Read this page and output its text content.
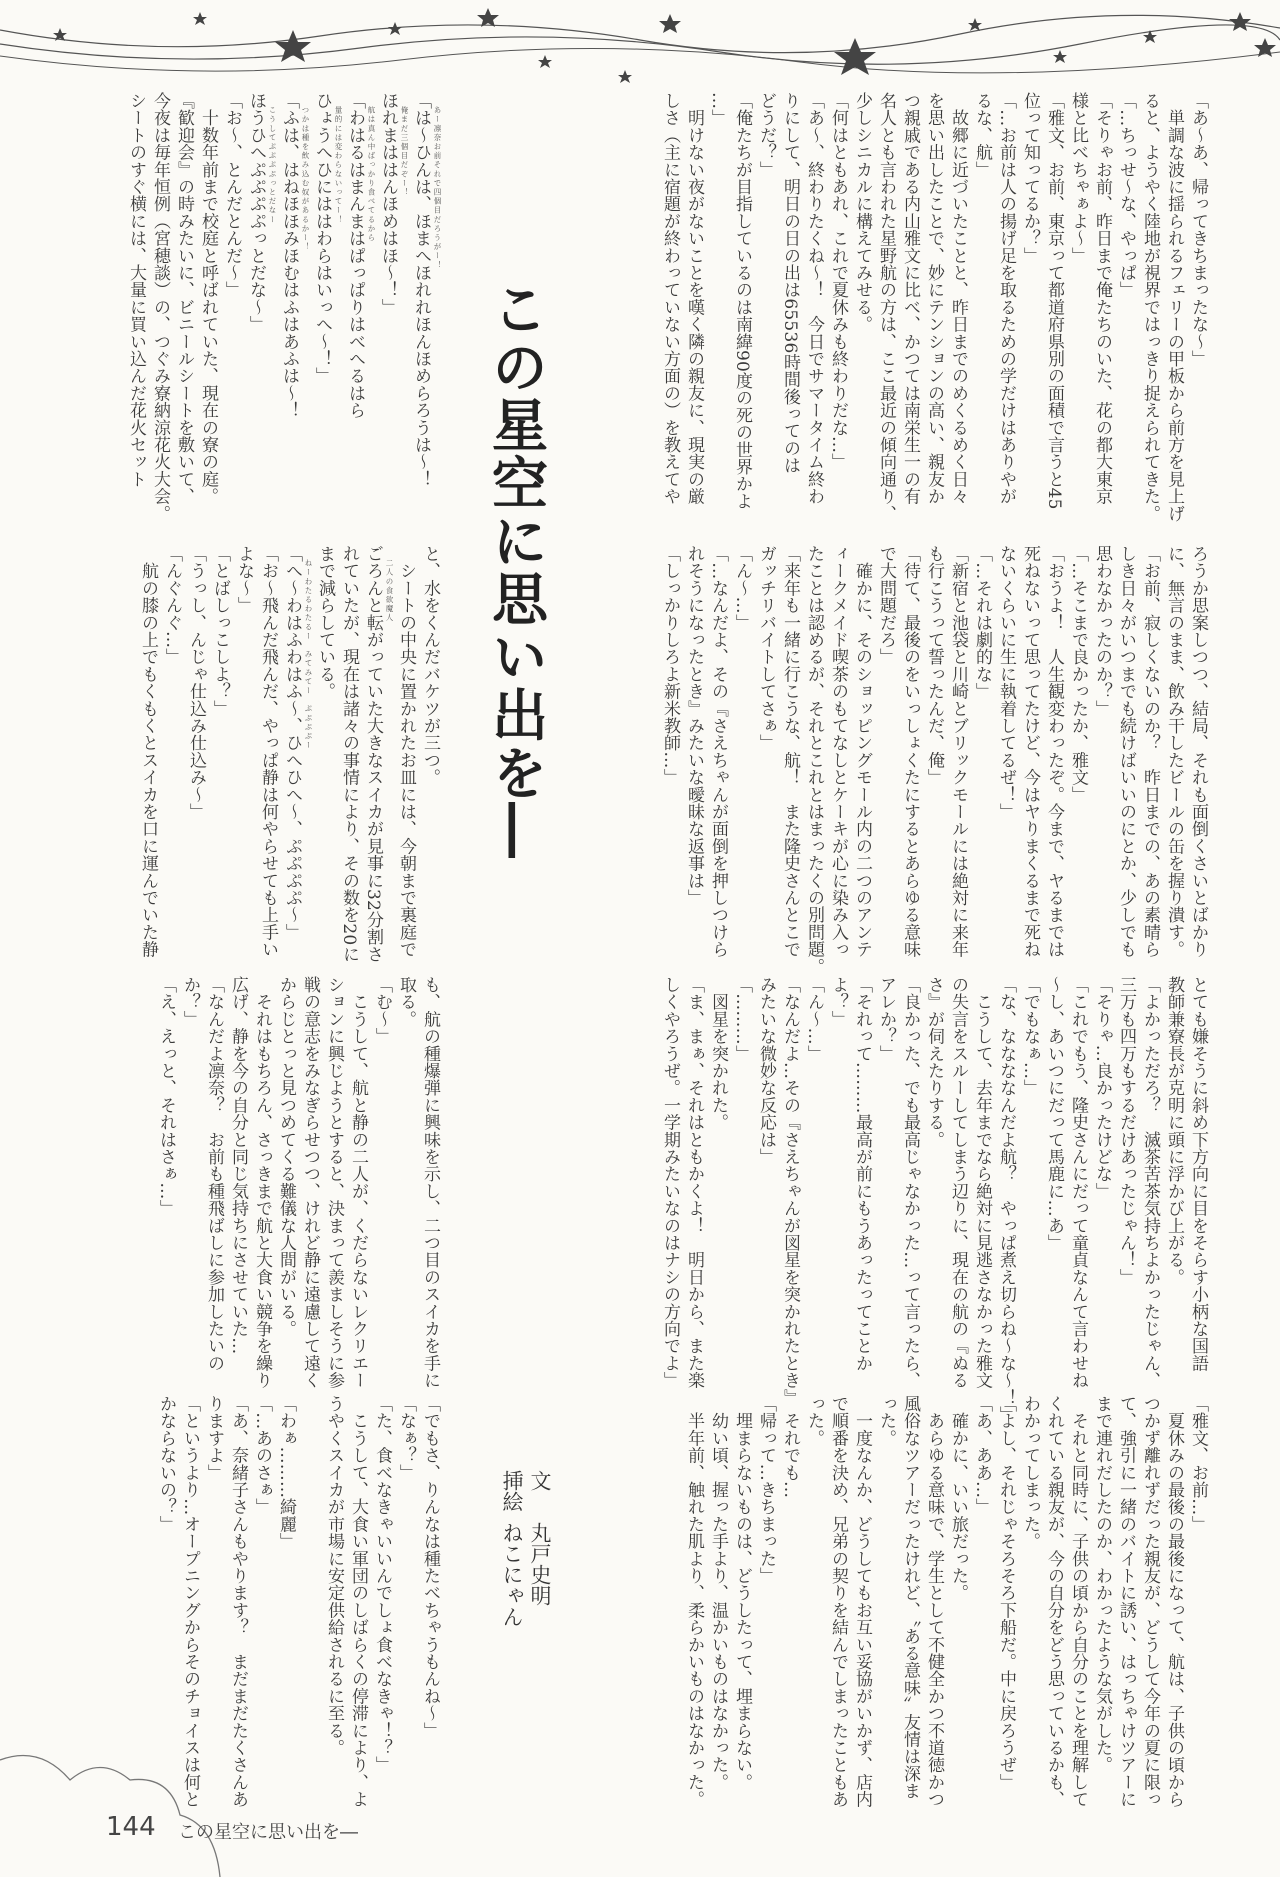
「あ～あ、帰ってきちまったな～」
　単調な波に揺られるフェリーの甲板から前方を見上げ
ると、ようやく陸地が視界ではっきり捉えられてきた。
「…ちっせ～な、やっぱ」
「そりゃお前、昨日まで俺たちのいた、花の都大東京
様と比べちゃぁよ～」
「雅文、お前、東京って都道府県別の面積で言うと45
位って知ってるか？」
「…お前は人の揚げ足を取るための学だけはありやが
るな、航」
　故郷に近づいたことと、昨日までのめくるめく日々
を思い出したことで、妙にテンションの高い、親友か
つ親戚である内山雅文に比べ、かつては南栄生一の有
名人とも言われた星野航の方は、ここ最近の傾向通り、
少しシニカルに構えてみせる。
「何はともあれ、これで夏休みも終わりだな…」
「あ～、終わりたくね～！　今日でサマータイム終わ
りにして、明日の日の出は65536時間後ってのは
どうだ？」
「俺たちが目指しているのは南緯90度の死の世界かよ
…」
　明けない夜がないことを嘆く隣の親友に、現実の厳
しさ（主に宿題が終わっていない方面の）を教えてや
あー凛奈お前それで四個目だろうがー！
「は～ひんは、ほまへほれれほんほめらろうは～！
俺まだ三個目だぞー！
ほれまははんほめはほ～！」
航は真ん中ばっかり食べてるから
「わはるはまんまはぱっぱりはべへるはら
量的には変わらないってー！
ひょうへひにははわらはいっへ～！」
つかは種を飲み込む奴があるかー！
「ふは、はねほほみほむはふはあふは～！
こうしてぷぷぷぷっとだなー
ほうひへぷぷぷぷっとだな～」
「お～、とんだとんだ～」
　十数年前まで校庭と呼ばれていた、現在の寮の庭。
『歓迎会』の時みたいに、ビニールシートを敷いて、
今夜は毎年恒例（宮穂談）の、つぐみ寮納涼花火大会。
シートのすぐ横には、大量に買い込んだ花火セット
ろうか思案しつつ、結局、それも面倒くさいとばかり
に、無言のまま、飲み干したビールの缶を握り潰す。
「お前、寂しくないのか？　昨日までの、あの素晴ら
しき日々がいつまでも続けばいいのにとか、少しでも
思わなかったのか？」
「…そこまで良かったか、雅文」
「おうよ！　人生観変わったぞ。今まで、ヤるまでは
死ねないって思ってたけど、今はヤりまくるまで死ね
ないくらいに生に執着してるぜ！」
「…それは劇的な」
「新宿と池袋と川崎とブリックモールには絶対に来年
も行こうって誓ったんだ、俺」
「待て、最後のをいっしょくたにするとあらゆる意味
で大問題だろ」
　確かに、そのショッピングモール内の二つのアンテ
ィークメイド喫茶のもてなしとケーキが心に染み入っ
たことは認めるが、それとこれとはまったくの別問題。
「来年も一緒に行こうな、航！　また隆史さんとこで
ガッチリバイトしてさぁ」
「ん～…」
「…なんだよ、その『さえちゃんが面倒を押しつけら
れそうになったとき』みたいな曖昧な返事は」
「しっかりしろよ新米教師…」
と、水をくんだバケツが三つ。
　シートの中央に置かれたお皿には、今朝まで裏庭で
二人の食欲魔人
ごろんと転がっていた大きなスイカが見事に32分割さ
れていたが、現在は諸々の事情により、その数を20に
まで減らしている。
ねーわたるわたるー　みてみてー　ぷぷぷぷー
「へ～わはふわはふ～、ひへひへ～、ぷぷぷぷ～」
「お～飛んだ飛んだ、やっぱ静は何やらせても上手い
よな～」
「とばしっこしよ？」
「うっし、んじゃ仕込み仕込み～」
「んぐんぐ…」
　航の膝の上でもくもくとスイカを口に運んでいた静
とても嫌そうに斜め下方向に目をそらす小柄な国語
教師兼寮長が克明に頭に浮かび上がる。
「よかっただろ？　滅茶苦茶気持ちよかったじゃん、
三万も四万もするだけあったじゃん！」
「そりゃ…良かったけどな」
「これでもう、隆史さんにだって童貞なんて言わせね
～し、あいつにだって馬鹿に…あ」
「でもなぁ…」
「な、ななななんだよ航？　やっぱ煮え切らね～な～！」
　こうして、去年までなら絶対に見逃さなかった雅文
の失言をスルーしてしまう辺りに、現在の航の『ぬる
さ』が伺えたりする。
「良かった、でも最高じゃなかった…って言ったら、
アレか？」
「それって………最高が前にもうあったってことか
よ？」
「ん～…」
「なんだよ…その『さえちゃんが図星を突かれたとき』
みたいな微妙な反応は」
「………」
　図星を突かれた。
「ま、まぁ、それはともかくよ！　明日から、また楽
しくやろうぜ。一学期みたいなのはナシの方向でよ」
も、航の種爆弾に興味を示し、二つ目のスイカを手に
取る。
「む～」
　こうして、航と静の二人が、くだらないレクリエー
ションに興じようとすると、決まって羨ましそうに参
戦の意志をみなぎらせつつ、けれど静に遠慮して遠く
からじとっと見つめてくる難儀な人間がいる。
　それはもちろん、さっきまで航と大食い競争を繰り
広げ、静を今の自分と同じ気持ちにさせていた…
「なんだよ凛奈？　お前も種飛ばしに参加したいの
か？」
「え、えっと、それはさぁ…」
「雅文、お前…」
　夏休みの最後の最後になって、航は、子供の頃から
つかず離れずだった親友が、どうして今年の夏に限っ
て、強引に一緒のバイトに誘い、はっちゃけツアーに
まで連れだしたのか、わかったような気がした。
　それと同時に、子供の頃から自分のことを理解して
くれている親友が、今の自分をどう思っているかも、
わかってしまった。
「よし、それじゃそろそろ下船だ。中に戻ろうぜ」
「あ、ああ…」
　確かに、いい旅だった。
　あらゆる意味で、学生として不健全かつ不道徳かつ
風俗なツアーだったけれど、〝ある意味〟友情は深ま
った。
　一度なんか、どうしてもお互い妥協がいかず、店内
で順番を決め、兄弟の契りを結んでしまったこともあ
った。
　それでも…
「帰って…きちまった」
　埋まらないものは、どうしたって、埋まらない。
　幼い頃、握った手より、温かいものはなかった。
　半年前、触れた肌より、柔らかいものはなかった。
「でもさ、りんなは種たべちゃうもんね～」
「なぁ？」
「た、食べなきゃいいんでしょ食べなきゃ！？」
　こうして、大食い軍団のしばらくの停滞により、よ
うやくスイカが市場に安定供給されるに至る。
「わぁ………綺麗」
「…あのさぁ」
「あ、奈緒子さんもやります？　まだまだたくさんあ
りますよ」
「というより…オープニングからそのチョイスは何と
かならないの？」
この星空に思い出を―
文丸戸史明
挿絵ねこにゃん
144 この星空に思い出を―
